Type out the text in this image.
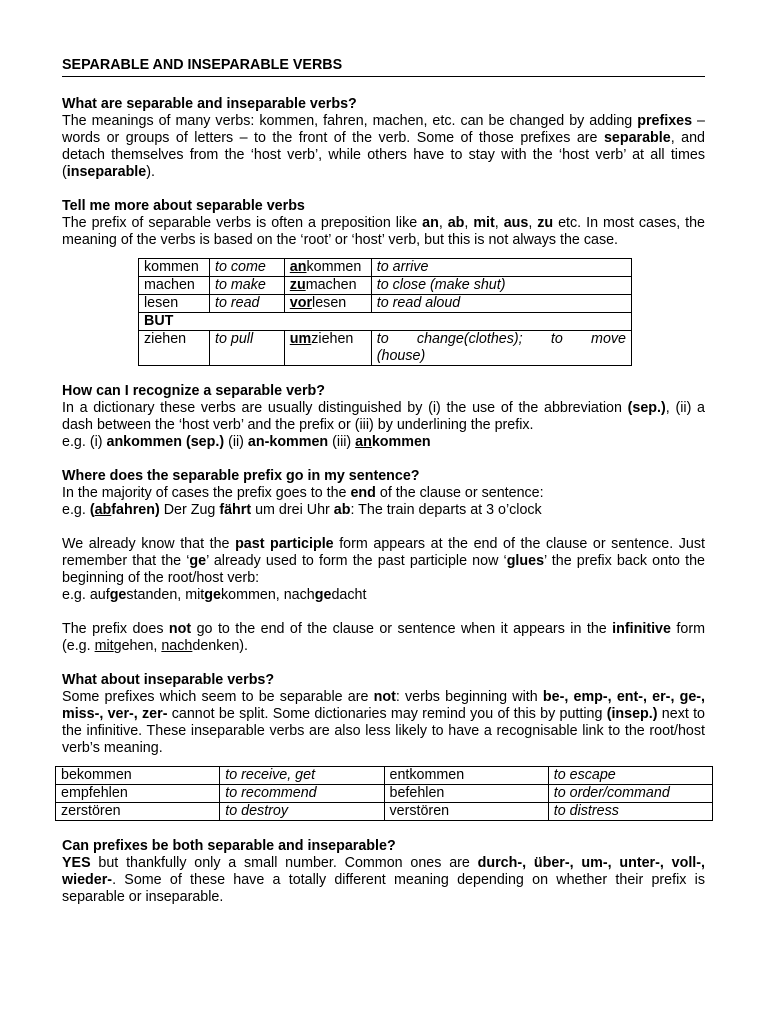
SEPARABLE AND INSEPARABLE VERBS
What are separable and inseparable verbs?

The meanings of many verbs: kommen, fahren, machen, etc. can be changed by adding prefixes – words or groups of letters – to the front of the verb. Some of those prefixes are separable, and detach themselves from the ‘host verb’, while others have to stay with the ‘host verb’ at all times (inseparable).

Tell me more about separable verbs

The prefix of separable verbs is often a preposition like an, ab, mit, aus, zu etc. In most cases, the meaning of the verbs is based on the ‘root’ or ‘host’ verb, but this is not always the case.

kommen	to come	ankommen	to arrive
machen	to make	zumachen	to close (make shut)
lesen	to read	vorlesen	to read aloud
BUT			
ziehen	to pull	umziehen	to change(clothes); to move
(house)
How can I recognize a separable verb?

In a dictionary these verbs are usually distinguished by (i) the use of the abbreviation (sep.), (ii) a dash between the ‘host verb’ and the prefix or (iii) by underlining the prefix.

e.g. (i) ankommen (sep.) (ii) an-kommen (iii) ankommen

Where does the separable prefix go in my sentence?

In the majority of cases the prefix goes to the end of the clause or sentence:

e.g. (abfahren) Der Zug fährt um drei Uhr ab: The train departs at 3 o’clock

We already know that the past participle form appears at the end of the clause or sentence. Just remember that the ‘ge’ already used to form the past participle now ‘glues’ the prefix back onto the beginning of the root/host verb:

e.g. aufgestanden, mitgekommen, nachgedacht

The prefix does not go to the end of the clause or sentence when it appears in the infinitive form (e.g. mitgehen, nachdenken).

What about inseparable verbs?

Some prefixes which seem to be separable are not: verbs beginning with be-, emp-, ent-, er-, ge-, miss-, ver-, zer- cannot be split. Some dictionaries may remind you of this by putting (insep.) next to the infinitive. These inseparable verbs are also less likely to have a recognisable link to the root/host verb’s meaning.

bekommen	to receive, get	entkommen	to escape
empfehlen	to recommend	befehlen	to order/command
zerstören	to destroy	verstören	to distress
Can prefixes be both separable and inseparable?

YES but thankfully only a small number. Common ones are durch-, über-, um-, unter-, voll-, wieder-. Some of these have a totally different meaning depending on whether their prefix is separable or inseparable.
